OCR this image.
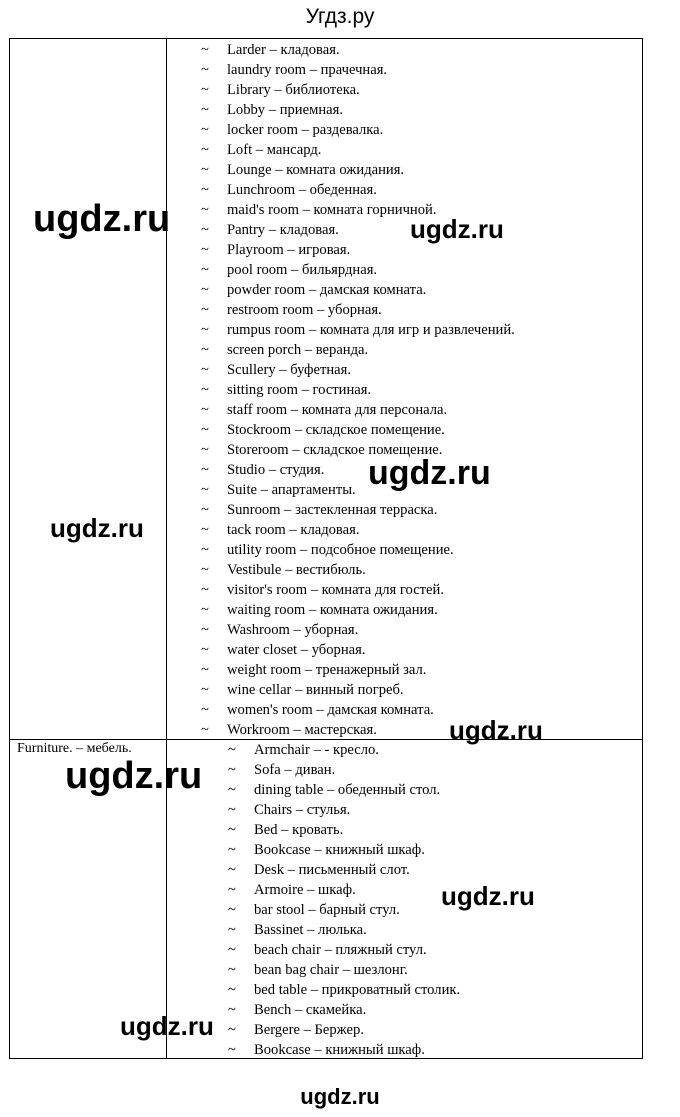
Угдз.ру
Furniture. – мебель.
~ Larder – кладовая.
~ laundry room – прачечная.
~ Library – библиотека.
~ Lobby – приемная.
~ locker room – раздевалка.
~ Loft – мансард.
~ Lounge – комната ожидания.
~ Lunchroom – обеденная.
~ maid's room – комната горничной.
~ Pantry – кладовая.
~ Playroom – игровая.
~ pool room – бильярдная.
~ powder room – дамская комната.
~ restroom room – уборная.
~ rumpus room – комната для игр и развлечений.
~ screen porch – веранда.
~ Scullery – буфетная.
~ sitting room – гостиная.
~ staff room – комната для персонала.
~ Stockroom – складское помещение.
~ Storeroom – складское помещение.
~ Studio – студия.
~ Suite – апартаменты.
~ Sunroom – застекленная терраска.
~ tack room – кладовая.
~ utility room – подсобное помещение.
~ Vestibule – вестибюль.
~ visitor's room – комната для гостей.
~ waiting room – комната ожидания.
~ Washroom – уборная.
~ water closet – уборная.
~ weight room – тренажерный зал.
~ wine cellar – винный погреб.
~ women's room – дамская комната.
~ Workroom – мастерская.
~ Armchair – - кресло.
~ Sofa – диван.
~ dining table – обеденный стол.
~ Chairs – стулья.
~ Bed – кровать.
~ Bookcase – книжный шкаф.
~ Desk – письменный слот.
~ Armoire – шкаф.
~ bar stool – барный стул.
~ Bassinet – люлька.
~ beach chair – пляжный стул.
~ bean bag chair – шезлонг.
~ bed table – прикроватный столик.
~ Bench – скамейка.
~ Bergere – Бержер.
~ Bookcase – книжный шкаф.
ugdz.ru
ugdz.ru	ugdz.ru
ugdz.ru
ugdz.ru
ugdz.ru
ugdz.ru
ugdz.ru
ugdz.ru
